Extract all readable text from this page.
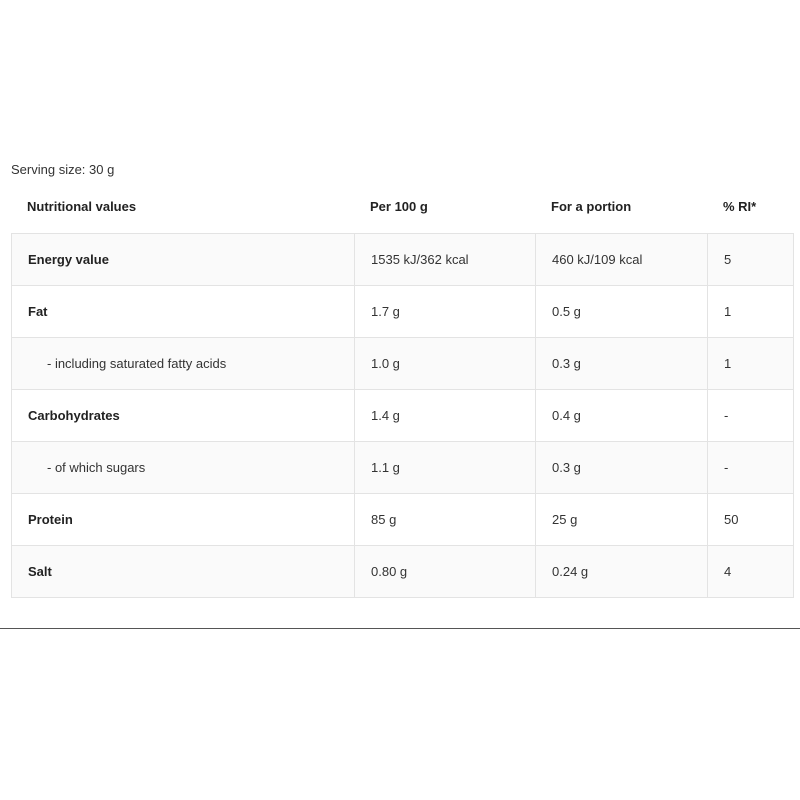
Serving size: 30 g
Nutritional values	Per 100 g	For a portion	% RI*
Energy value	1535 kJ/362 kcal	460 kJ/109 kcal	5
Fat	1.7 g	0.5 g	1
- including saturated fatty acids	1.0 g	0.3 g	1
Carbohydrates	1.4 g	0.4 g	-
- of which sugars	1.1 g	0.3 g	-
Protein	85 g	25 g	50
Salt	0.80 g	0.24 g	4
